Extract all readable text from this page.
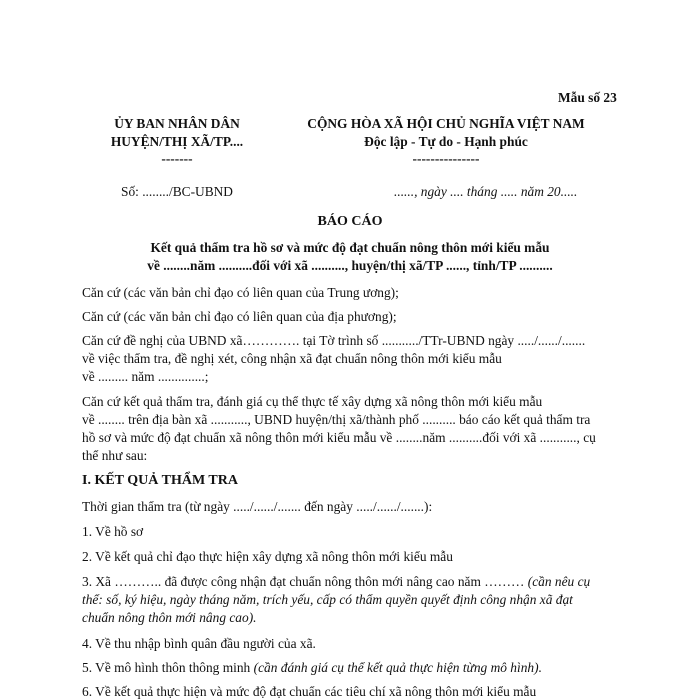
Mẫu số 23
ỦY BAN NHÂN DÂN
HUYỆN/THỊ XÃ/TP....
-------
CỘNG HÒA XÃ HỘI CHỦ NGHĨA VIỆT NAM
Độc lập - Tự do - Hạnh phúc
---------------
Số: ......../BC-UBND	......, ngày .... tháng ..... năm 20.....
BÁO CÁO
Kết quả thẩm tra hồ sơ và mức độ đạt chuẩn nông thôn mới kiểu mẫu
về ........năm ..........đối với xã .........., huyện/thị xã/TP ......, tỉnh/TP ..........
Căn cứ (các văn bản chỉ đạo có liên quan của Trung ương);
Căn cứ (các văn bản chỉ đạo có liên quan của địa phương);
Căn cứ đề nghị của UBND xã…………. tại Tờ trình số .........../TTr-UBND ngày ...../....../.......
về việc thẩm tra, đề nghị xét, công nhận xã đạt chuẩn nông thôn mới kiểu mẫu
về ......... năm ..............;
Căn cứ kết quả thẩm tra, đánh giá cụ thể thực tế xây dựng xã nông thôn mới kiểu mẫu
về ........ trên địa bàn xã ..........., UBND huyện/thị xã/thành phố .......... báo cáo kết quả thẩm tra
hồ sơ và mức độ đạt chuẩn xã nông thôn mới kiểu mẫu về ........năm ..........đối với xã ..........., cụ
thể như sau:
I. KẾT QUẢ THẨM TRA
Thời gian thẩm tra (từ ngày ...../....../....... đến ngày ...../....../.......):
1. Về hồ sơ
2. Về kết quả chỉ đạo thực hiện xây dựng xã nông thôn mới kiểu mẫu
3. Xã ……….. đã được công nhận đạt chuẩn nông thôn mới nâng cao năm ……… (cần nêu cụ
thể: số, ký hiệu, ngày tháng năm, trích yếu, cấp có thẩm quyền quyết định công nhận xã đạt
chuẩn nông thôn mới nâng cao).
4. Về thu nhập bình quân đầu người của xã.
5. Về mô hình thôn thông minh (cần đánh giá cụ thể kết quả thực hiện từng mô hình).
6. Về kết quả thực hiện và mức độ đạt chuẩn các tiêu chí xã nông thôn mới kiểu mẫu
